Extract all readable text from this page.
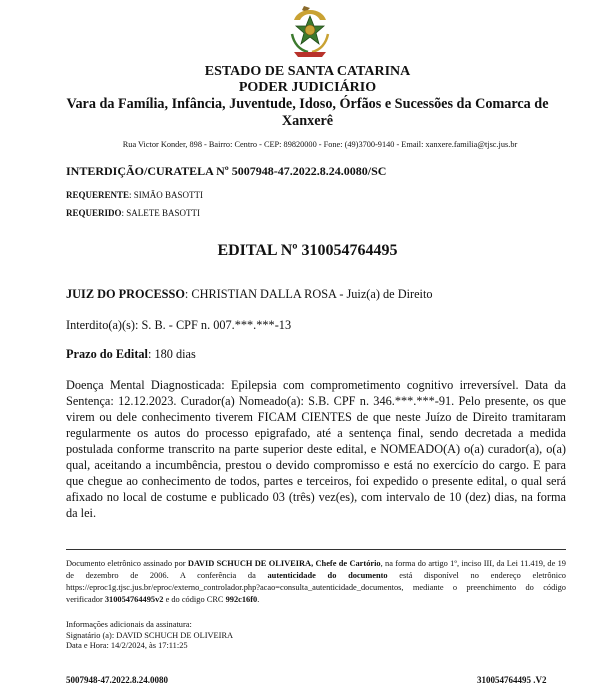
ESTADO DE SANTA CATARINA
PODER JUDICIÁRIO
Vara da Família, Infância, Juventude, Idoso, Órfãos e Sucessões da Comarca de Xanxerê
Rua Victor Konder, 898 - Bairro: Centro - CEP: 89820000 - Fone: (49)3700-9140 - Email: xanxere.familia@tjsc.jus.br
INTERDIÇÃO/CURATELA Nº 5007948-47.2022.8.24.0080/SC
REQUERENTE: SIMÃO BASOTTI
REQUERIDO: SALETE BASOTTI
EDITAL Nº 310054764495
JUIZ DO PROCESSO: CHRISTIAN DALLA ROSA - Juiz(a) de Direito
Interdito(a)(s): S. B. - CPF n. 007.***.***-13
Prazo do Edital: 180 dias
Doença Mental Diagnosticada: Epilepsia com comprometimento cognitivo irreversível. Data da Sentença: 12.12.2023. Curador(a) Nomeado(a): S.B. CPF n. 346.***.***-91. Pelo presente, os que virem ou dele conhecimento tiverem FICAM CIENTES de que neste Juízo de Direito tramitaram regularmente os autos do processo epigrafado, até a sentença final, sendo decretada a medida postulada conforme transcrito na parte superior deste edital, e NOMEADO(A) o(a) curador(a), o(a) qual, aceitando a incumbência, prestou o devido compromisso e está no exercício do cargo. E para que chegue ao conhecimento de todos, partes e terceiros, foi expedido o presente edital, o qual será afixado no local de costume e publicado 03 (três) vez(es), com intervalo de 10 (dez) dias, na forma da lei.
Documento eletrônico assinado por DAVID SCHUCH DE OLIVEIRA, Chefe de Cartório, na forma do artigo 1º, inciso III, da Lei 11.419, de 19 de dezembro de 2006. A conferência da autenticidade do documento está disponível no endereço eletrônico https://eproc1g.tjsc.jus.br/eproc/externo_controlador.php?acao=consulta_autenticidade_documentos, mediante o preenchimento do código verificador 310054764495v2 e do código CRC 992c16f0.
Informações adicionais da assinatura:
Signatário (a): DAVID SCHUCH DE OLIVEIRA
Data e Hora: 14/2/2024, às 17:11:25
5007948-47.2022.8.24.0080	310054764495 .V2
